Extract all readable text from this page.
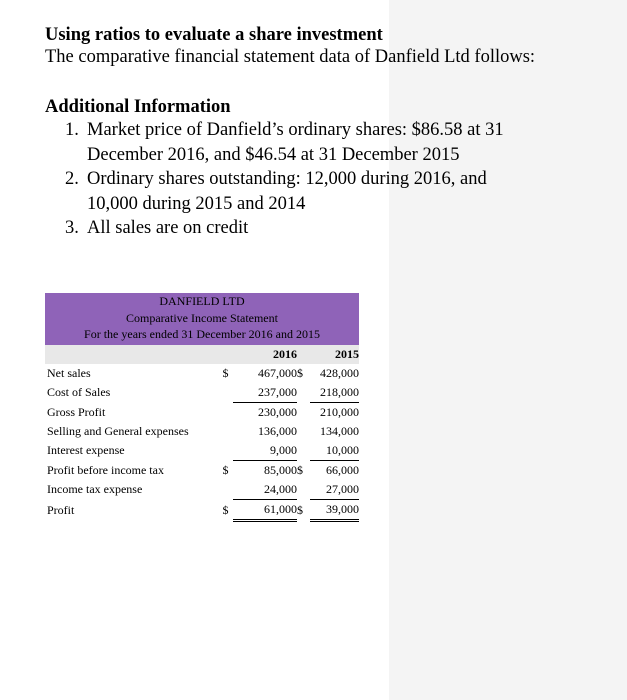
Using ratios to evaluate a share investment

The comparative financial statement data of Danfield Ltd follows:

Additional Information

1. Market price of Danfield’s ordinary shares: $86.58 at 31
December 2016, and $46.54 at 31 December 2015
2. Ordinary shares outstanding: 12,000 during 2016, and
10,000 during 2015 and 2014
3. All sales are on credit
DANFIELD LTD
Comparative Income Statement
For the years ended 31 December 2016 and 2015
		2016		2015
Net sales	$	467,000	$	428,000
Cost of Sales		237,000		218,000
Gross Profit		230,000		210,000
Selling and General expenses		136,000		134,000
Interest expense		9,000		10,000
Profit before income tax	$	85,000	$	66,000
Income tax expense		24,000		27,000
Profit	$	61,000	$	39,000
